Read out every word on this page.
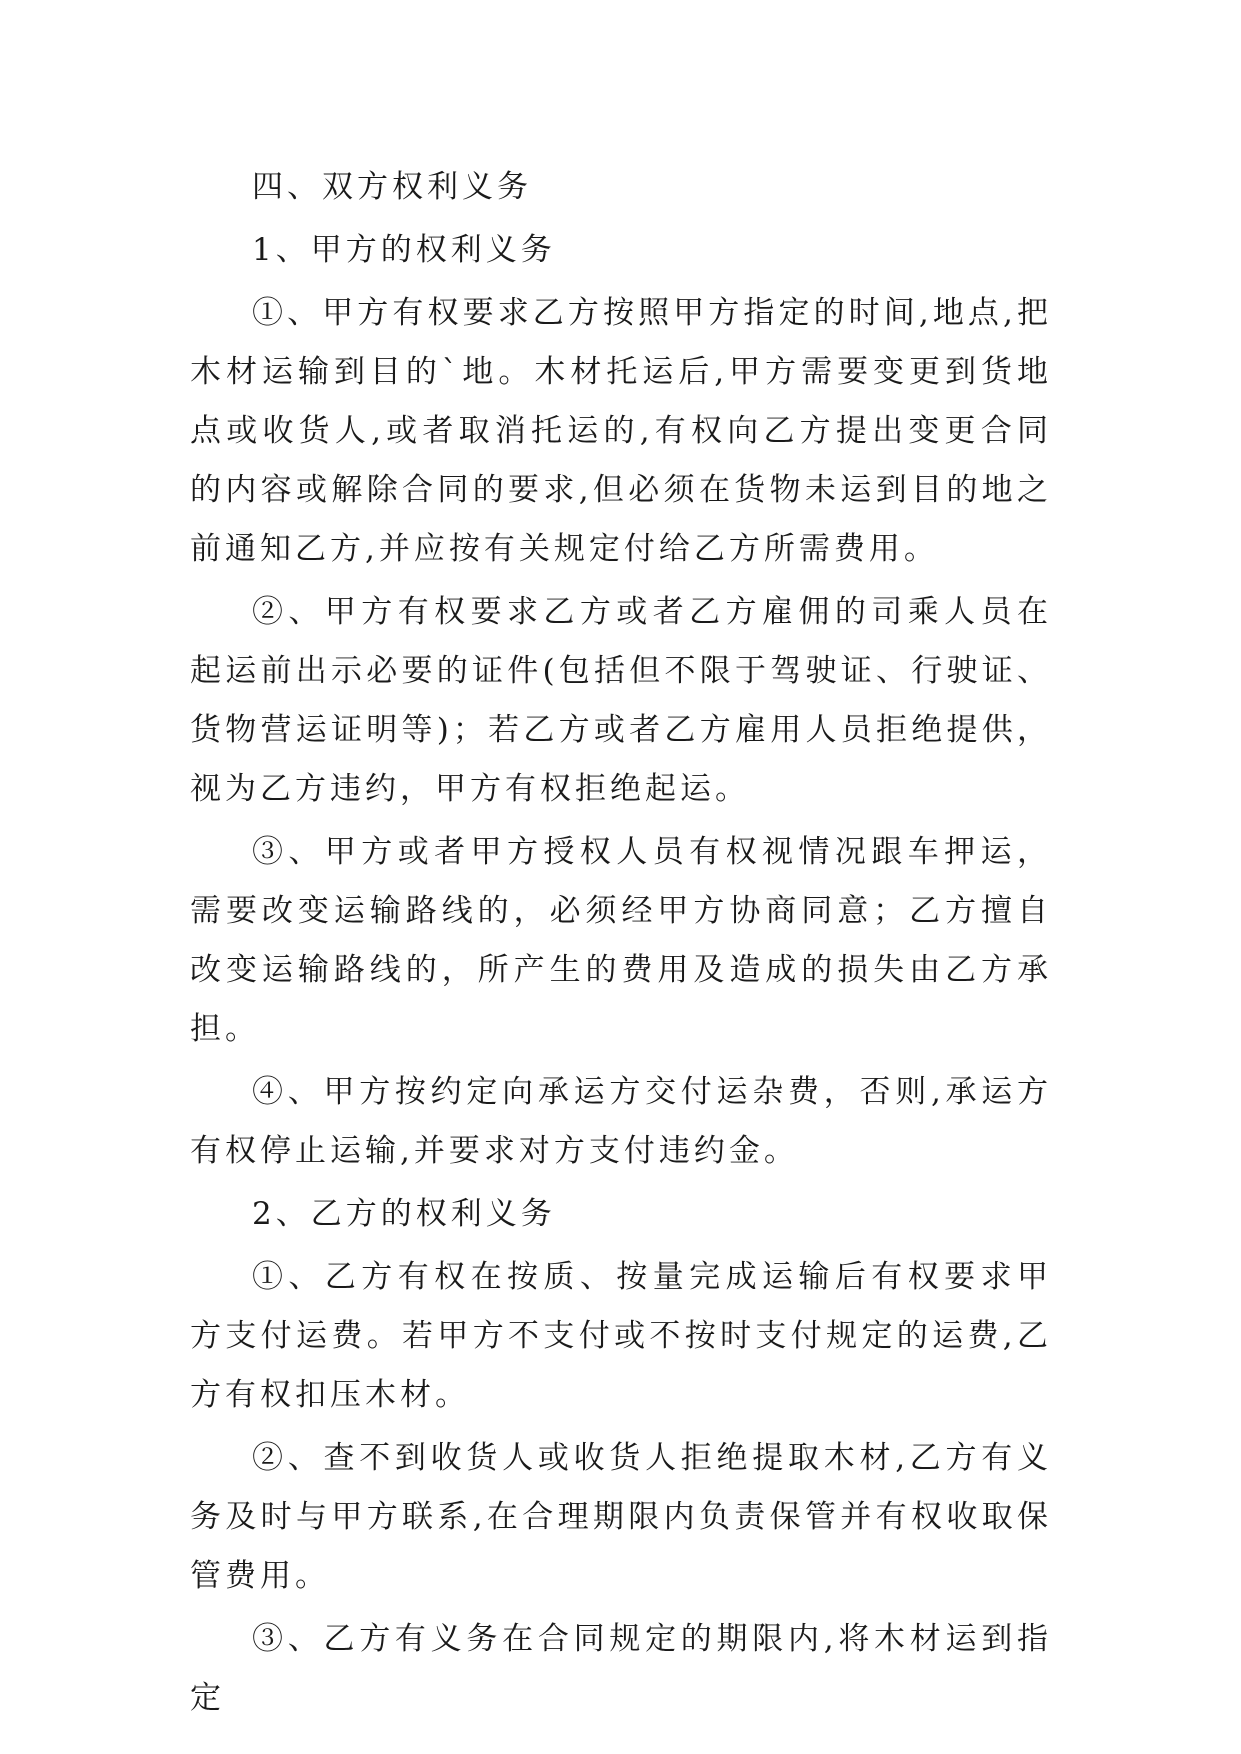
四、双方权利义务

1、甲方的权利义务

①、甲方有权要求乙方按照甲方指定的时间,地点,把木材运输到目的`地。木材托运后,甲方需要变更到货地点或收货人,或者取消托运的,有权向乙方提出变更合同的内容或解除合同的要求,但必须在货物未运到目的地之前通知乙方,并应按有关规定付给乙方所需费用。

②、甲方有权要求乙方或者乙方雇佣的司乘人员在起运前出示必要的证件(包括但不限于驾驶证、行驶证、货物营运证明等)；若乙方或者乙方雇用人员拒绝提供，视为乙方违约，甲方有权拒绝起运。

③、甲方或者甲方授权人员有权视情况跟车押运，需要改变运输路线的，必须经甲方协商同意；乙方擅自改变运输路线的，所产生的费用及造成的损失由乙方承担。

④、甲方按约定向承运方交付运杂费，否则,承运方有权停止运输,并要求对方支付违约金。

2、乙方的权利义务

①、乙方有权在按质、按量完成运输后有权要求甲方支付运费。若甲方不支付或不按时支付规定的运费,乙方有权扣压木材。

②、查不到收货人或收货人拒绝提取木材,乙方有义务及时与甲方联系,在合理期限内负责保管并有权收取保管费用。

③、乙方有义务在合同规定的期限内,将木材运到指定
